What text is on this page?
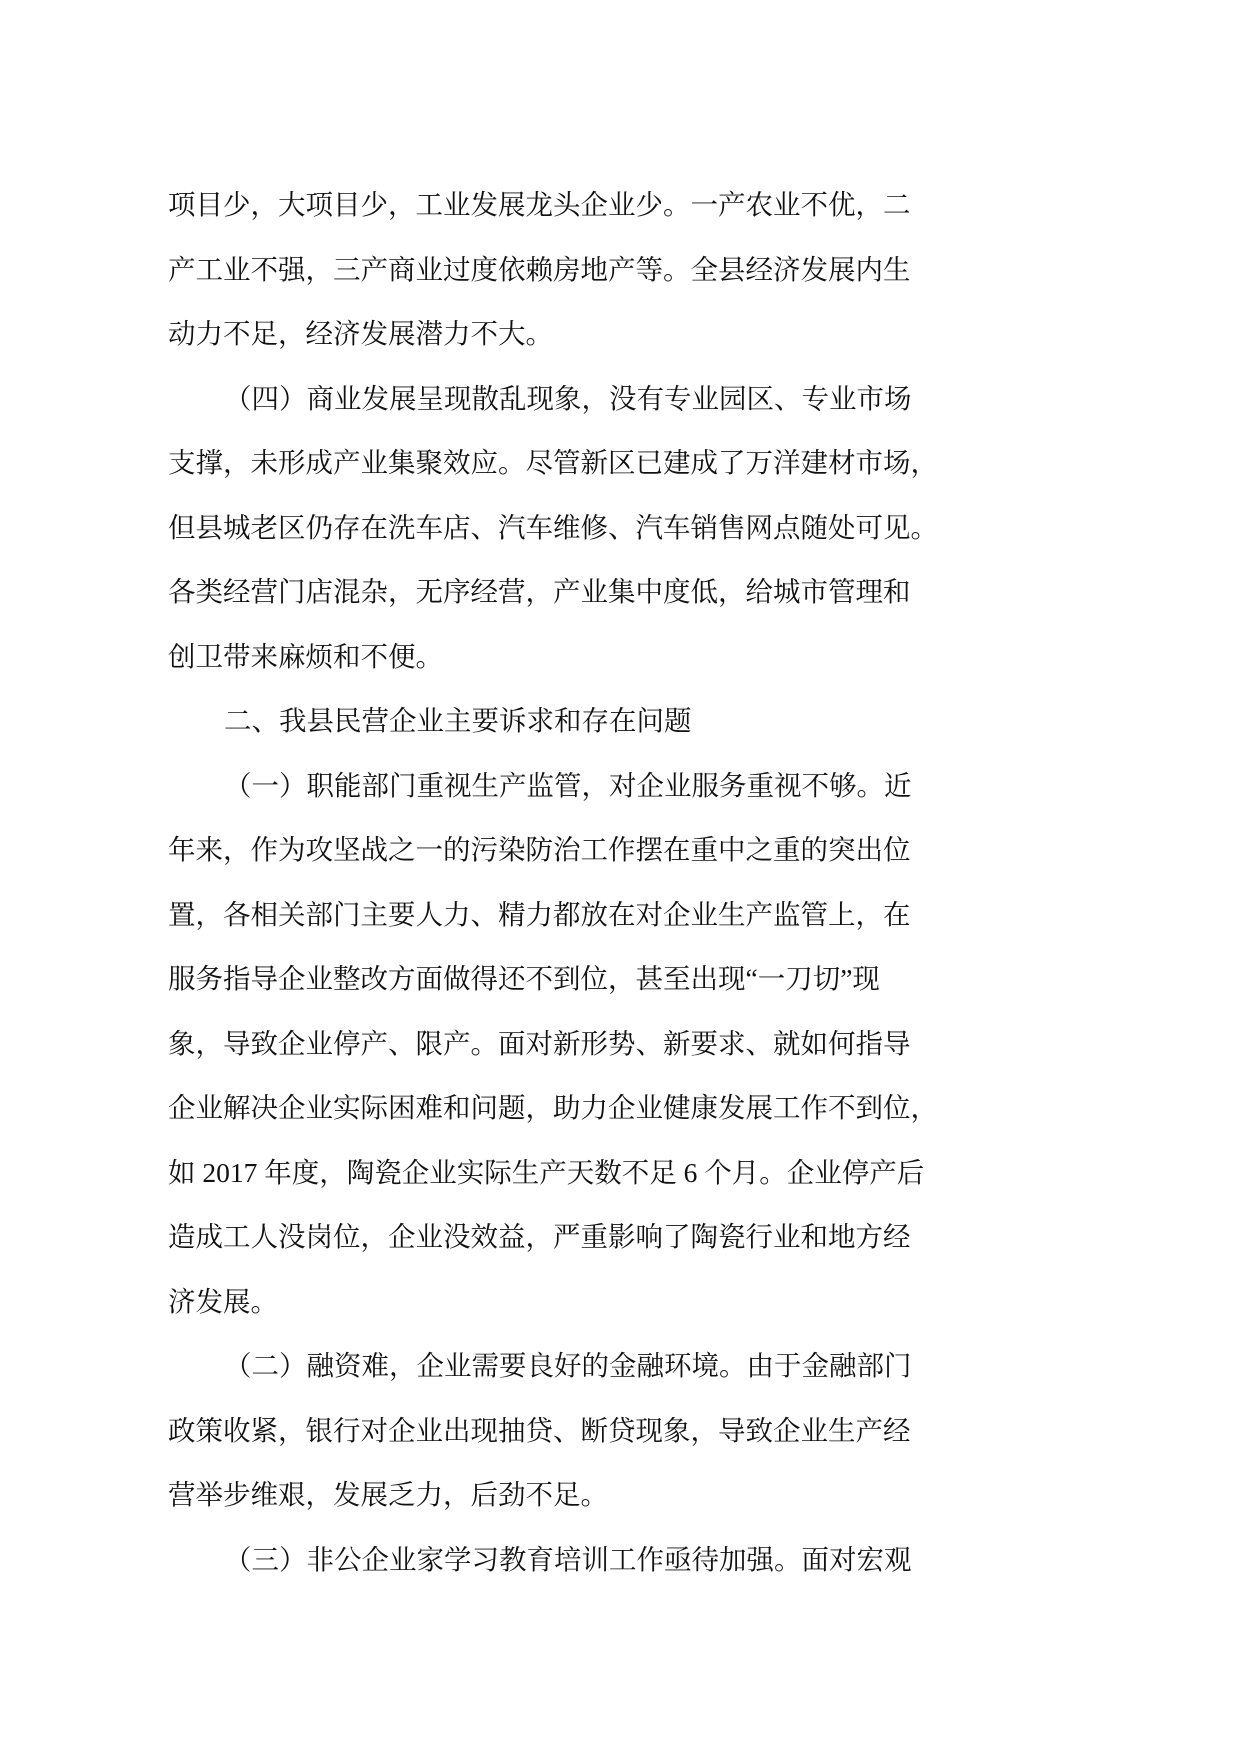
项目少，大项目少，工业发展龙头企业少。一产农业不优，二
产工业不强，三产商业过度依赖房地产等。全县经济发展内生
动力不足，经济发展潜力不大。
（四）商业发展呈现散乱现象，没有专业园区、专业市场
支撑，未形成产业集聚效应。尽管新区已建成了万洋建材市场，
但县城老区仍存在洗车店、汽车维修、汽车销售网点随处可见。
各类经营门店混杂，无序经营，产业集中度低，给城市管理和
创卫带来麻烦和不便。
二、我县民营企业主要诉求和存在问题
（一）职能部门重视生产监管，对企业服务重视不够。近
年来，作为攻坚战之一的污染防治工作摆在重中之重的突出位
置，各相关部门主要人力、精力都放在对企业生产监管上，在
服务指导企业整改方面做得还不到位，甚至出现“一刀切”现
象，导致企业停产、限产。面对新形势、新要求、就如何指导
企业解决企业实际困难和问题，助力企业健康发展工作不到位，
如 2017 年度，陶瓷企业实际生产天数不足 6 个月。企业停产后
造成工人没岗位，企业没效益，严重影响了陶瓷行业和地方经
济发展。
（二）融资难，企业需要良好的金融环境。由于金融部门
政策收紧，银行对企业出现抽贷、断贷现象，导致企业生产经
营举步维艰，发展乏力，后劲不足。
（三）非公企业家学习教育培训工作亟待加强。面对宏观
